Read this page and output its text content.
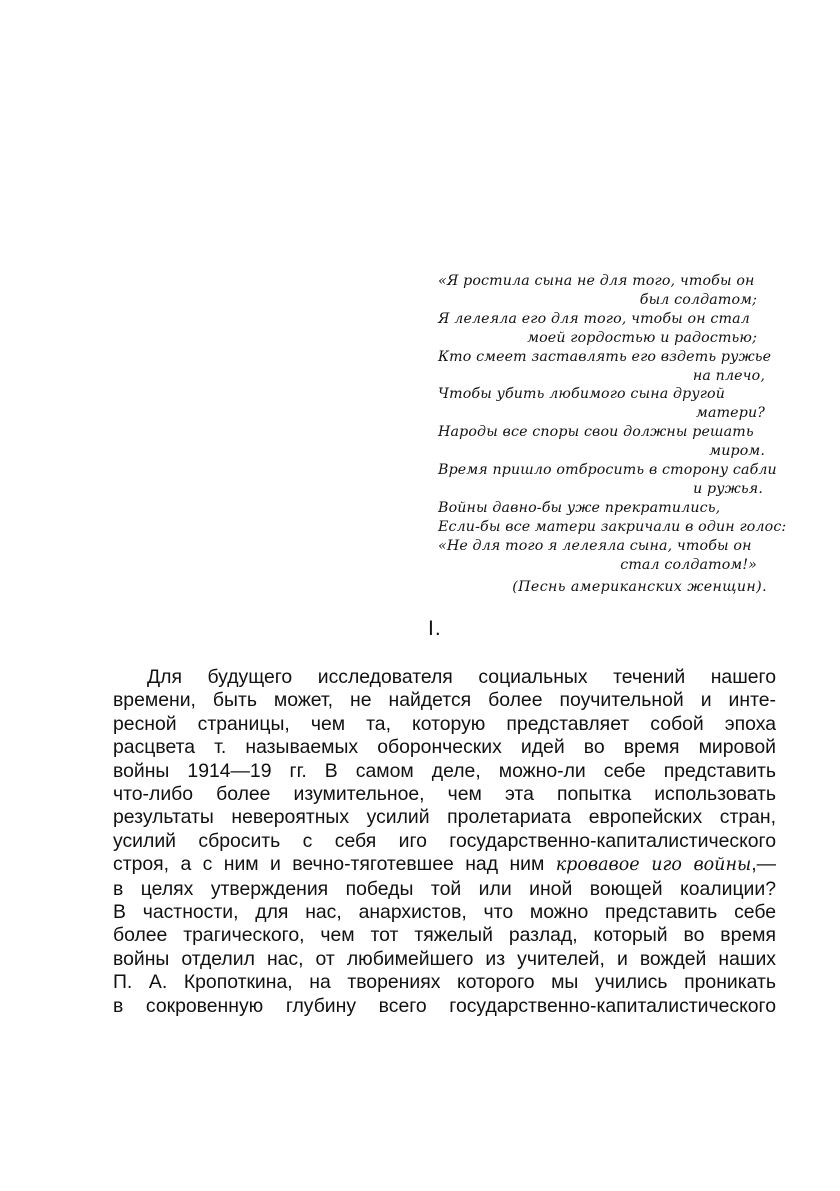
«Я ростила сына не для того, чтобы он
был солдатом;
Я лелеяла его для того, чтобы он стал
моей гордостью и радостью;
Кто смеет заставлять его вздеть ружье
на плечо,
Чтобы убить любимого сына другой
матери?
Народы все споры свои должны решать
миром.
Время пришло отбросить в сторону сабли
и ружья.
Войны давно-бы уже прекратились,
Если-бы все матери закричали в один голос:
«Не для того я лелеяла сына, чтобы он
стал солдатом!»
(Песнь американских женщин).
I.
Для будущего исследователя социальных течений нашего
времени, быть может, не найдется более поучительной и инте-
ресной страницы, чем та, которую представляет собой эпоха
расцвета т. называемых оборонческих идей во время мировой
войны 1914—19 гг. В самом деле, можно-ли себе представить
что-либо более изумительное, чем эта попытка использовать
результаты невероятных усилий пролетариата европейских стран,
усилий сбросить с себя иго государственно-капиталистического
строя, а с ним и вечно-тяготевшее над ним кровавое иго войны,—
в целях утверждения победы той или иной воющей коалиции?
В частности, для нас, анархистов, что можно представить себе
более трагического, чем тот тяжелый разлад, который во время
войны отделил нас, от любимейшего из учителей, и вождей наших
П. А. Кропоткина, на творениях которого мы учились проникать
в сокровенную глубину всего государственно-капиталистического
